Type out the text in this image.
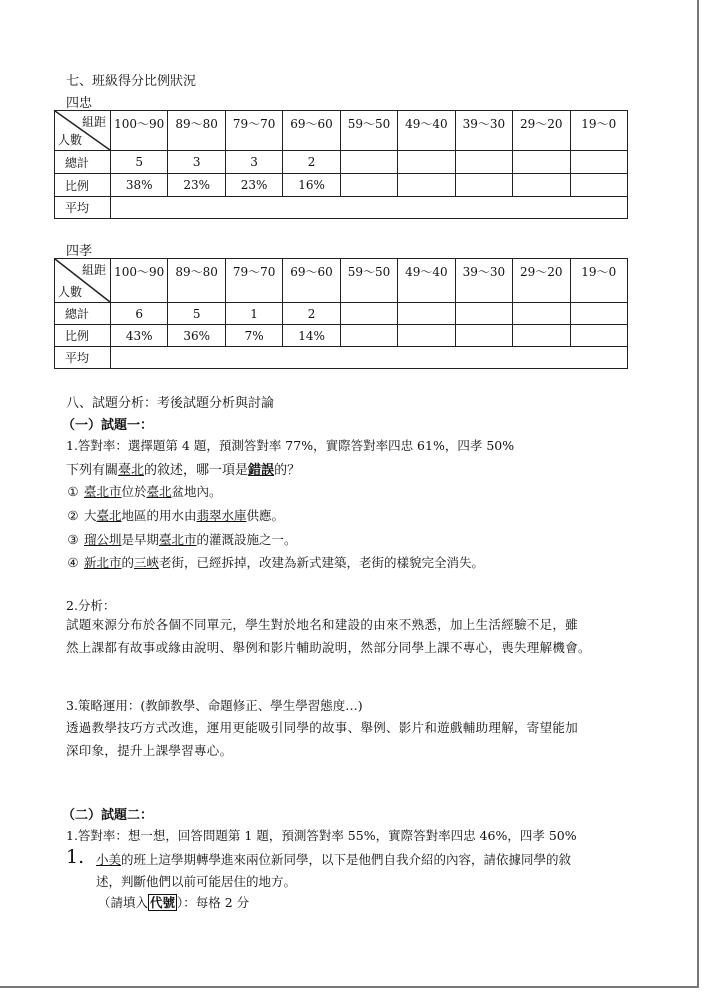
七、班級得分比例狀況
四忠
組距
人數	100～90	89～80	79～70	69～60	59～50	49～40	39～30	29～20	19～0
總計	5	3	3	2					
比例	38%	23%	23%	16%					
平均									
四孝
組距
人數	100～90	89～80	79～70	69～60	59～50	49～40	39～30	29～20	19～0
總計	6	5	1	2					
比例	43%	36%	7%	14%					
平均									
八、試題分析：考後試題分析與討論
（一）試題一：
1.答對率：選擇題第 4 題，預測答對率 77%，實際答對率四忠 61%，四孝 50%
下列有關臺北的敘述，哪一項是錯誤的？
① 臺北市位於臺北盆地內。
② 大臺北地區的用水由翡翠水庫供應。
③ 瑠公圳是早期臺北市的灌溉設施之一。
④ 新北市的三峽老街，已經拆掉，改建為新式建築，老街的樣貌完全消失。
2.分析：

試題來源分布於各個不同單元，學生對於地名和建設的由來不熟悉，加上生活經驗不足，雖
然上課都有故事或緣由說明、舉例和影片輔助說明，然部分同學上課不專心，喪失理解機會。

3.策略運用：(教師教學、命題修正、學生學習態度…)

透過教學技巧方式改進，運用更能吸引同學的故事、舉例、影片和遊戲輔助理解，寄望能加
深印象，提升上課學習專心。

（二）試題二：
1.答對率：想一想，回答問題第 1 題，預測答對率 55%，實際答對率四忠 46%，四孝 50%
1. 小美的班上這學期轉學進來兩位新同學，以下是他們自我介紹的內容，請依據同學的敘
述，判斷他們以前可能居住的地方。
（請填入 代號 ）：每格 2 分
